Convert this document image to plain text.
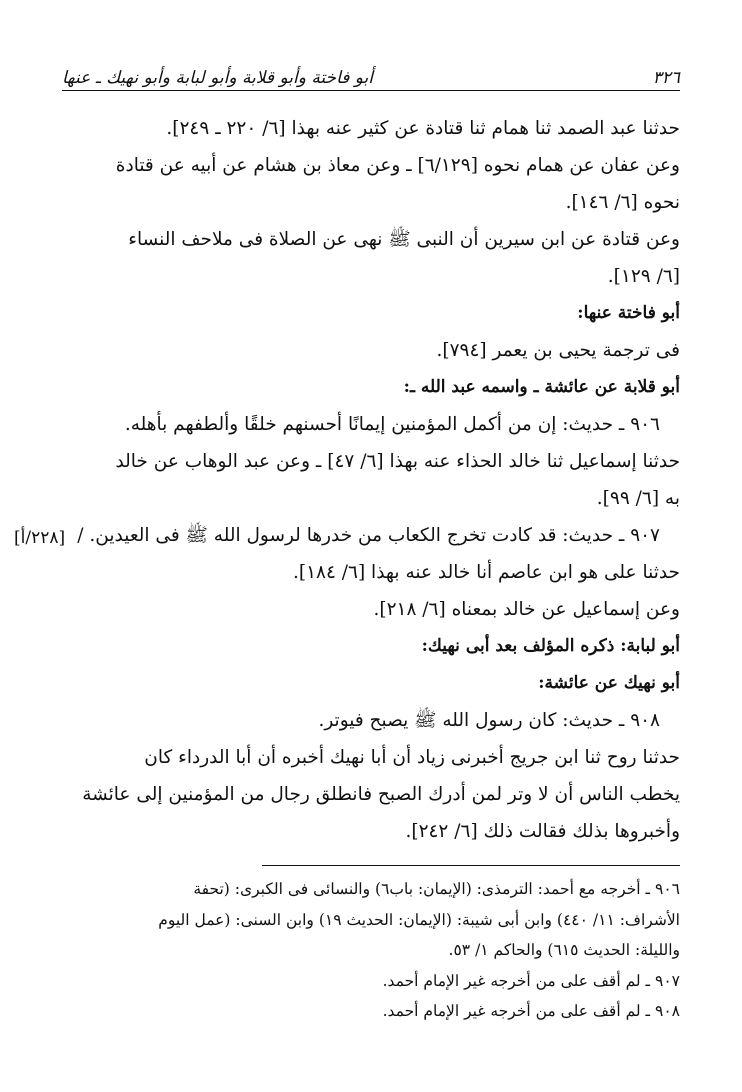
٣٢٦
أبو فاختة وأبو قلابة وأبو لبابة وأبو نهيك ـ عنها
[٢٢٨/أ]
حدثنا عبد الصمد ثنا همام ثنا قتادة عن كثير عنه بهذا [٦/ ٢٢٠ ـ ٢٤٩].
وعن عفان عن همام نحوه [٦/١٢٩] ـ وعن معاذ بن هشام عن أبيه عن قتادة
نحوه [٦/ ١٤٦].
وعن قتادة عن ابن سيرين أن النبى ﷺ نهى عن الصلاة فى ملاحف النساء
[٦/ ١٢٩].
أبو فاختة عنها:
فى ترجمة يحيى بن يعمر [٧٩٤].
أبو قلابة عن عائشة ـ واسمه عبد الله ـ:
٩٠٦ ـ حديث: إن من أكمل المؤمنين إيمانًا أحسنهم خلقًا وألطفهم بأهله.
حدثنا إسماعيل ثنا خالد الحذاء عنه بهذا [٦/ ٤٧] ـ وعن عبد الوهاب عن خالد
به [٦/ ٩٩].
٩٠٧ ـ حديث: قد كادت تخرج الكعاب من خدرها لرسول الله ﷺ فى العيدين. /
حدثنا على هو ابن عاصم أنا خالد عنه بهذا [٦/ ١٨٤].
وعن إسماعيل عن خالد بمعناه [٦/ ٢١٨].
أبو لبابة: ذكره المؤلف بعد أبى نهيك:
أبو نهيك عن عائشة:
٩٠٨ ـ حديث: كان رسول الله ﷺ يصبح فيوتر.
حدثنا روح ثنا ابن جريج أخبرنى زياد أن أبا نهيك أخبره أن أبا الدرداء كان
يخطب الناس أن لا وتر لمن أدرك الصبح فانطلق رجال من المؤمنين إلى عائشة
وأخبروها بذلك فقالت ذلك [٦/ ٢٤٢].
٩٠٦ ـ أخرجه مع أحمد: الترمذى: (الإيمان: باب٦) والنسائى فى الكبرى: (تحفة
الأشراف: ١١/ ٤٤٠) وابن أبى شيبة: (الإيمان: الحديث ١٩) وابن السنى: (عمل اليوم
والليلة: الحديث ٦١٥) والحاكم ١/ ٥٣.
٩٠٧ ـ لم أقف على من أخرجه غير الإمام أحمد.
٩٠٨ ـ لم أقف على من أخرجه غير الإمام أحمد.
